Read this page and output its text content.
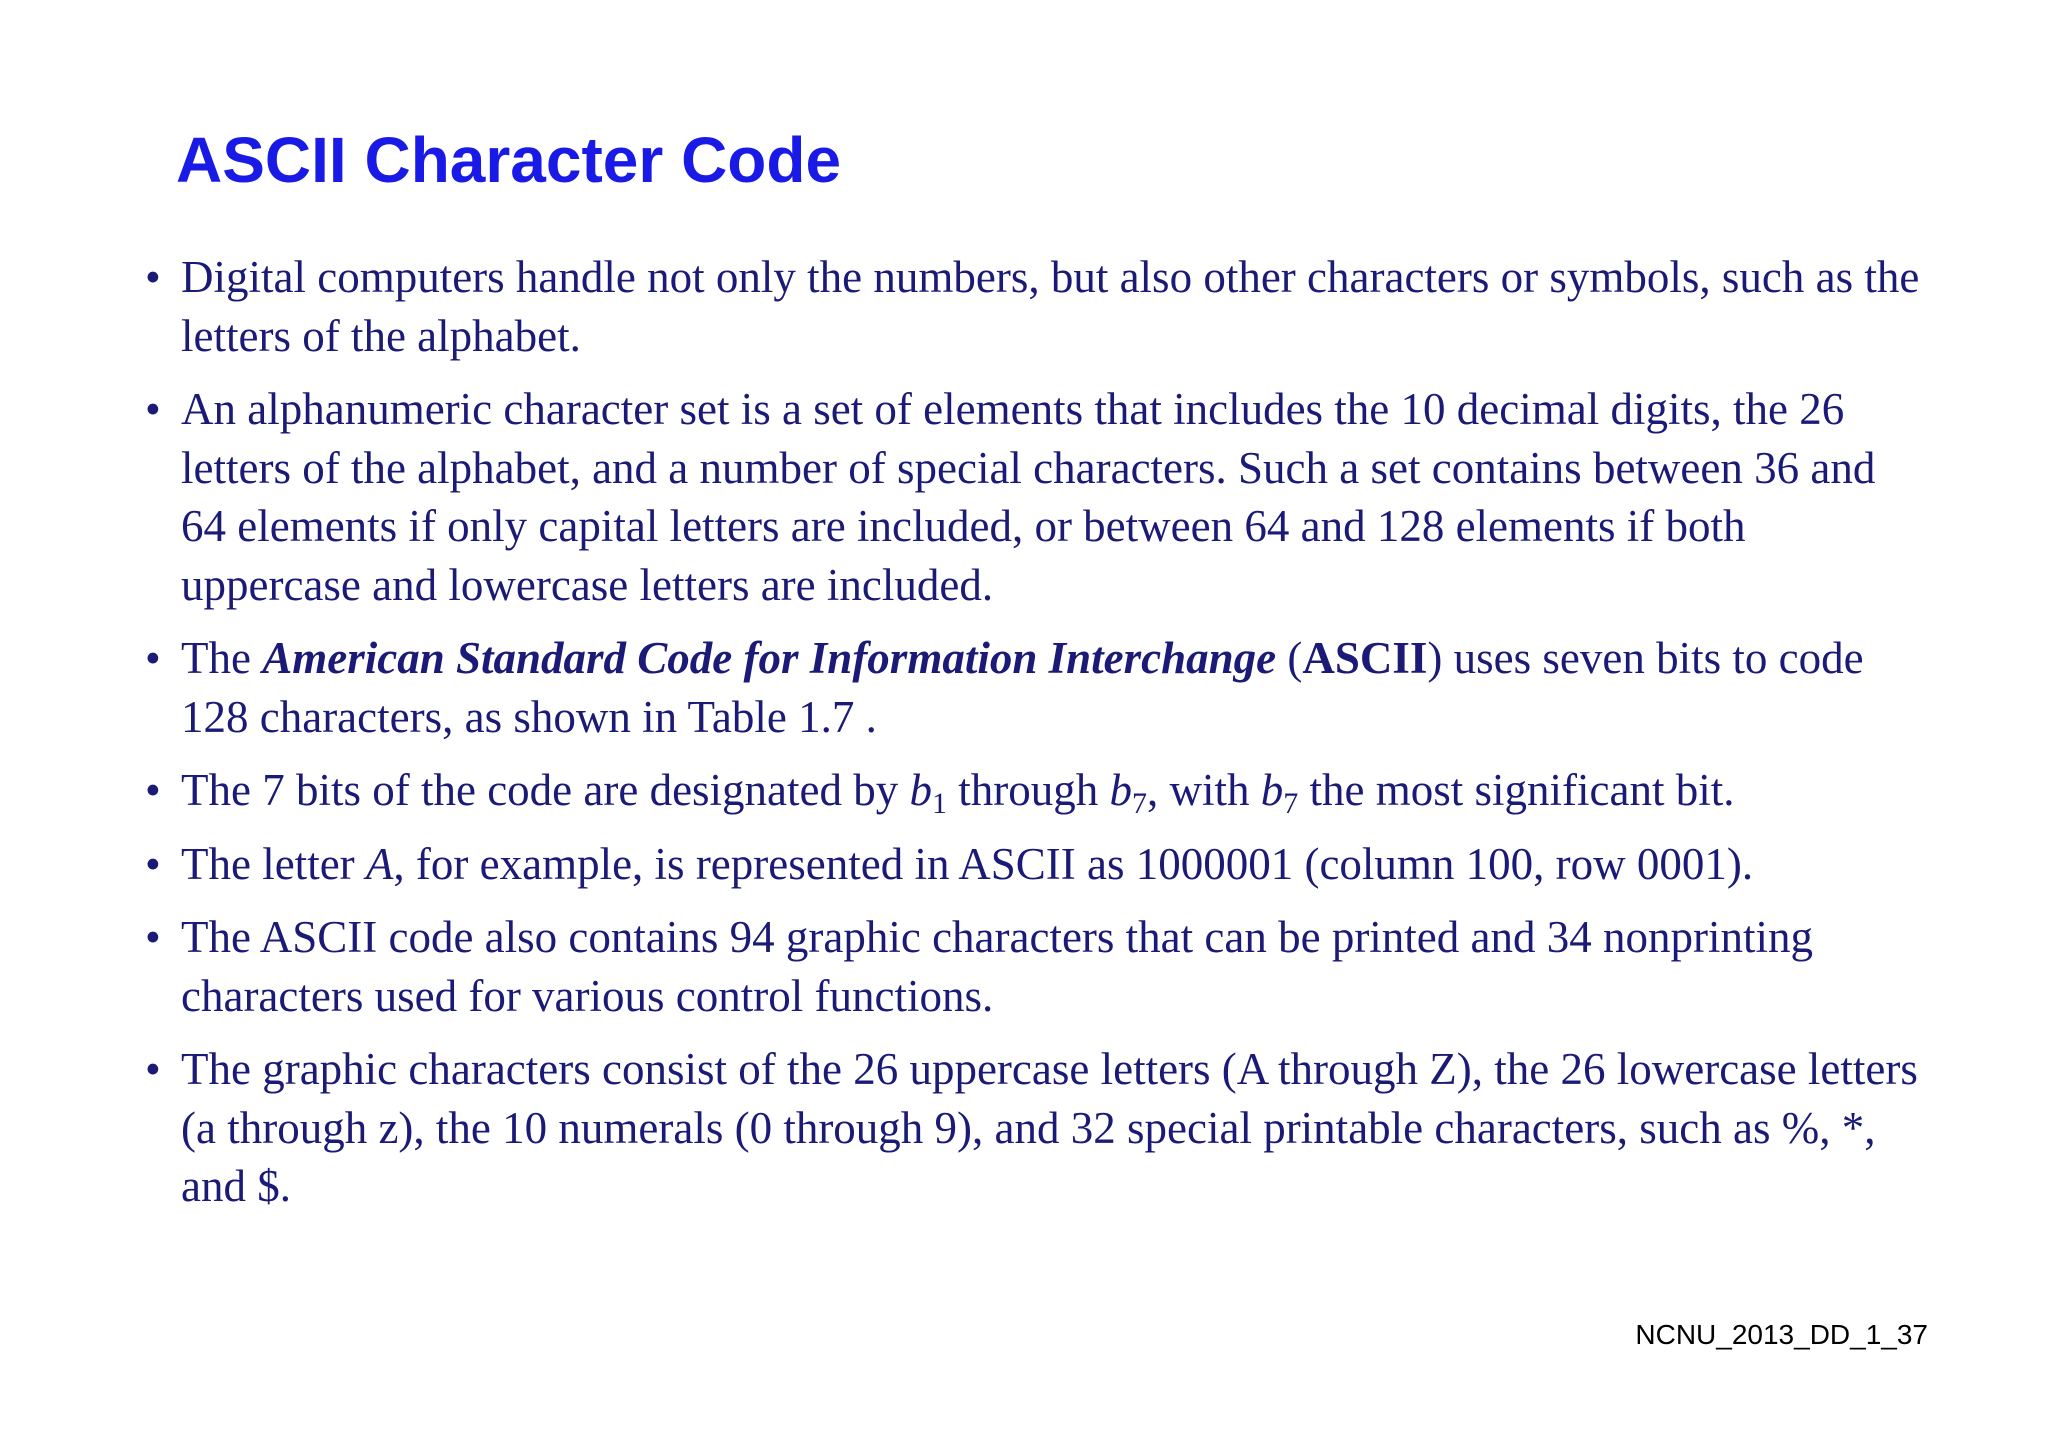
ASCII Character Code
• Digital computers handle not only the numbers, but also other characters or symbols, such as the letters of the alphabet.
• An alphanumeric character set is a set of elements that includes the 10 decimal digits, the 26 letters of the alphabet, and a number of special characters. Such a set contains between 36 and 64 elements if only capital letters are included, or between 64 and 128 elements if both uppercase and lowercase letters are included.
• The American Standard Code for Information Interchange (ASCII) uses seven bits to code 128 characters, as shown in Table 1.7 .
• The 7 bits of the code are designated by $b_1$ through $b_7$, with $b_7$ the most significant bit.
• The letter A, for example, is represented in ASCII as 1000001 (column 100, row 0001).
• The ASCII code also contains 94 graphic characters that can be printed and 34 nonprinting characters used for various control functions.
• The graphic characters consist of the 26 uppercase letters (A through Z), the 26 lowercase letters (a through z), the 10 numerals (0 through 9), and 32 special printable characters, such as %, *, and $.

NCNU_2013_DD_1_37
